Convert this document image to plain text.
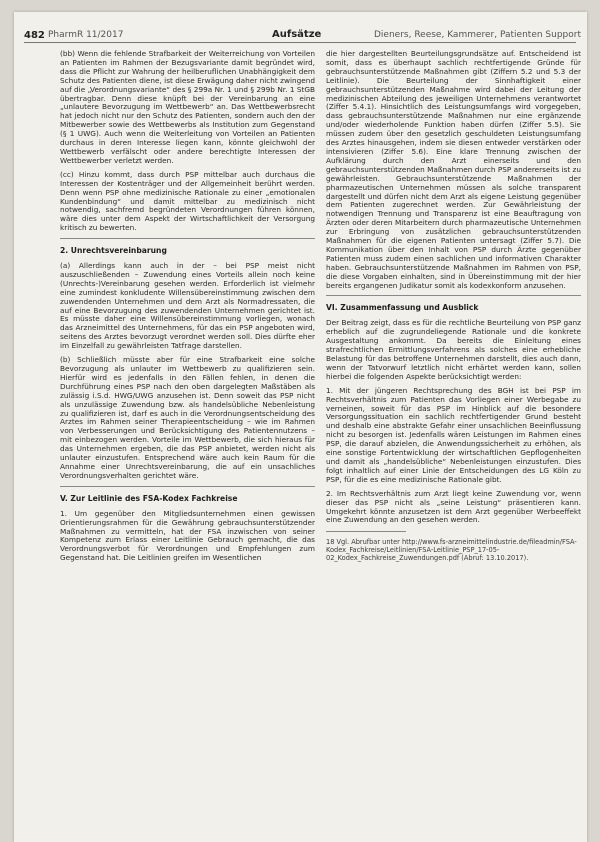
482 PharmR 11/2017	Aufsätze	Dieners, Reese, Kammerer, Patienten Support
(bb) Wenn die fehlende Strafbarkeit der Weiterreichung von Vorteilen an Patienten im Rahmen der Bezugsvariante damit begründet wird, dass die Pflicht zur Wahrung der heilberuflichen Unabhängigkeit dem Schutz des Patienten diene, ist diese Erwägung daher nicht zwingend auf die „Verordnungsvariante“ des § 299a Nr. 1 und § 299b Nr. 1 StGB übertragbar. Denn diese knüpft bei der Vereinbarung an eine „unlautere Bevorzugung im Wettbewerb“ an. Das Wettbewerbsrecht hat jedoch nicht nur den Schutz des Patienten, sondern auch den der Mitbewerber sowie des Wettbewerbs als Institution zum Gegenstand (§ 1 UWG). Auch wenn die Weiterleitung von Vorteilen an Patienten durchaus in deren Interesse liegen kann, könnte gleichwohl der Wettbewerb verfälscht oder andere berechtigte Interessen der Wettbewerber verletzt werden.
(cc) Hinzu kommt, dass durch PSP mittelbar auch durchaus die Interessen der Kostenträger und der Allgemeinheit berührt werden. Denn wenn PSP ohne medizinische Rationale zu einer „emotionalen Kundenbindung“ und damit mittelbar zu medizinisch nicht notwendig, sachfremd begründeten Verordnungen führen können, wäre dies unter dem Aspekt der Wirtschaftlichkeit der Versorgung kritisch zu bewerten.
2. Unrechtsvereinbarung
(a) Allerdings kann auch in der – bei PSP meist nicht auszuschließenden – Zuwendung eines Vorteils allein noch keine (Unrechts-)Vereinbarung gesehen werden. Erforderlich ist vielmehr eine zumindest konkludente Willensübereinstimmung zwischen dem zuwendenden Unternehmen und dem Arzt als Normadressaten, die auf eine Bevorzugung des zuwendenden Unternehmen gerichtet ist. Es müsste daher eine Willensübereinstimmung vorliegen, wonach das Arzneimittel des Unternehmens, für das ein PSP angeboten wird, seitens des Arztes bevorzugt verordnet werden soll. Dies dürfte eher im Einzelfall zu gewährleisten Tatfrage darstellen.
(b) Schließlich müsste aber für eine Strafbarkeit eine solche Bevorzugung als unlauter im Wettbewerb zu qualifizieren sein. Hierfür wird es jedenfalls in den Fällen fehlen, in denen die Durchführung eines PSP nach den oben dargelegten Maßstäben als zulässig i.S.d. HWG/UWG anzusehen ist. Denn soweit das PSP nicht als unzulässige Zuwendung bzw. als handelsübliche Nebenleistung zu qualifizieren ist, darf es auch in die Verordnungsentscheidung des Arztes im Rahmen seiner Therapieentscheidung – wie im Rahmen von Verbesserungen und Berücksichtigung des Patientennutzens – mit einbezogen werden. Vorteile im Wettbewerb, die sich hieraus für das Unternehmen ergeben, die das PSP anbietet, werden nicht als unlauter einzustufen. Entsprechend wäre auch kein Raum für die Annahme einer Unrechtsvereinbarung, die auf ein unsachliches Verordnungsverhalten gerichtet wäre.
V. Zur Leitlinie des FSA-Kodex Fachkreise
1. Um gegenüber den Mitgliedsunternehmen einen gewissen Orientierungsrahmen für die Gewährung gebrauchsunterstützender Maßnahmen zu vermitteln, hat der FSA inzwischen von seiner Kompetenz zum Erlass einer Leitlinie Gebrauch gemacht, die das Verordnungsverbot für Verordnungen und Empfehlungen zum Gegenstand hat. Die Leitlinien greifen im Wesentlichen
die hier dargestellten Beurteilungsgrundsätze auf. Entscheidend ist somit, dass es überhaupt sachlich rechtfertigende Gründe für gebrauchsunterstützende Maßnahmen gibt (Ziffern 5.2 und 5.3 der Leitlinie). Die Beurteilung der Sinnhaftigkeit einer gebrauchsunterstützenden Maßnahme wird dabei der Leitung der medizinischen Abteilung des jeweiligen Unternehmens verantwortet (Ziffer 5.4.1). Hinsichtlich des Leistungsumfangs wird vorgegeben, dass gebrauchsunterstützende Maßnahmen nur eine ergänzende und/oder wiederholende Funktion haben dürfen (Ziffer 5.5). Sie müssen zudem über den gesetzlich geschuldeten Leistungsumfang des Arztes hinausgehen, indem sie diesen entweder verstärken oder intensivieren (Ziffer 5.6). Eine klare Trennung zwischen der Aufklärung durch den Arzt einerseits und den gebrauchsunterstützenden Maßnahmen durch PSP andererseits ist zu gewährleisten. Gebrauchsunterstützende Maßnahmen der pharmazeutischen Unternehmen müssen als solche transparent dargestellt und dürfen nicht dem Arzt als eigene Leistung gegenüber dem Patienten zugerechnet werden. Zur Gewährleistung der notwendigen Trennung und Transparenz ist eine Beauftragung von Ärzten oder deren Mitarbeitern durch pharmazeutische Unternehmen zur Erbringung von zusätzlichen gebrauchsunterstützenden Maßnahmen für die eigenen Patienten untersagt (Ziffer 5.7). Die Kommunikation über den Inhalt von PSP durch Ärzte gegenüber Patienten muss zudem einen sachlichen und informativen Charakter haben. Gebrauchsunterstützende Maßnahmen im Rahmen von PSP, die diese Vorgaben einhalten, sind in Übereinstimmung mit der hier bereits ergangenen Judikatur somit als kodexkonform anzusehen.
VI. Zusammenfassung und Ausblick
Der Beitrag zeigt, dass es für die rechtliche Beurteilung von PSP ganz erheblich auf die zugrundeliegende Rationale und die konkrete Ausgestaltung ankommt. Da bereits die Einleitung eines strafrechtlichen Ermittlungsverfahrens als solches eine erhebliche Belastung für das betroffene Unternehmen darstellt, dies auch dann, wenn der Tatvorwurf letztlich nicht erhärtet werden kann, sollen hierbei die folgenden Aspekte berücksichtigt werden:
1. Mit der jüngeren Rechtsprechung des BGH ist bei PSP im Rechtsverhältnis zum Patienten das Vorliegen einer Werbegabe zu verneinen, soweit für das PSP im Hinblick auf die besondere Versorgungssituation ein sachlich rechtfertigender Grund besteht und deshalb eine abstrakte Gefahr einer unsachlichen Beeinflussung nicht zu besorgen ist. Jedenfalls wären Leistungen im Rahmen eines PSP, die darauf abzielen, die Anwendungssicherheit zu erhöhen, als eine sonstige Fortentwicklung der wirtschaftlichen Gepflogenheiten und damit als „handelsübliche“ Nebenleistungen einzustufen. Dies folgt inhaltlich auf einer Linie der Entscheidungen des LG Köln zu PSP, für die es eine medizinische Rationale gibt.
2. Im Rechtsverhältnis zum Arzt liegt keine Zuwendung vor, wenn dieser das PSP nicht als „seine Leistung“ präsentieren kann. Umgekehrt könnte anzusetzen ist dem Arzt gegenüber Werbeeffekt eine Zuwendung an den gesehen werden.
18 Vgl. Abrufbar unter http://www.fs-arzneimittelindustrie.de/fileadmin/FSA-Kodex_Fachkreise/Leitlinien/FSA-Leitlinie_PSP_17-05-02_Kodex_Fachkreise_Zuwendungen.pdf (Abruf: 13.10.2017).
